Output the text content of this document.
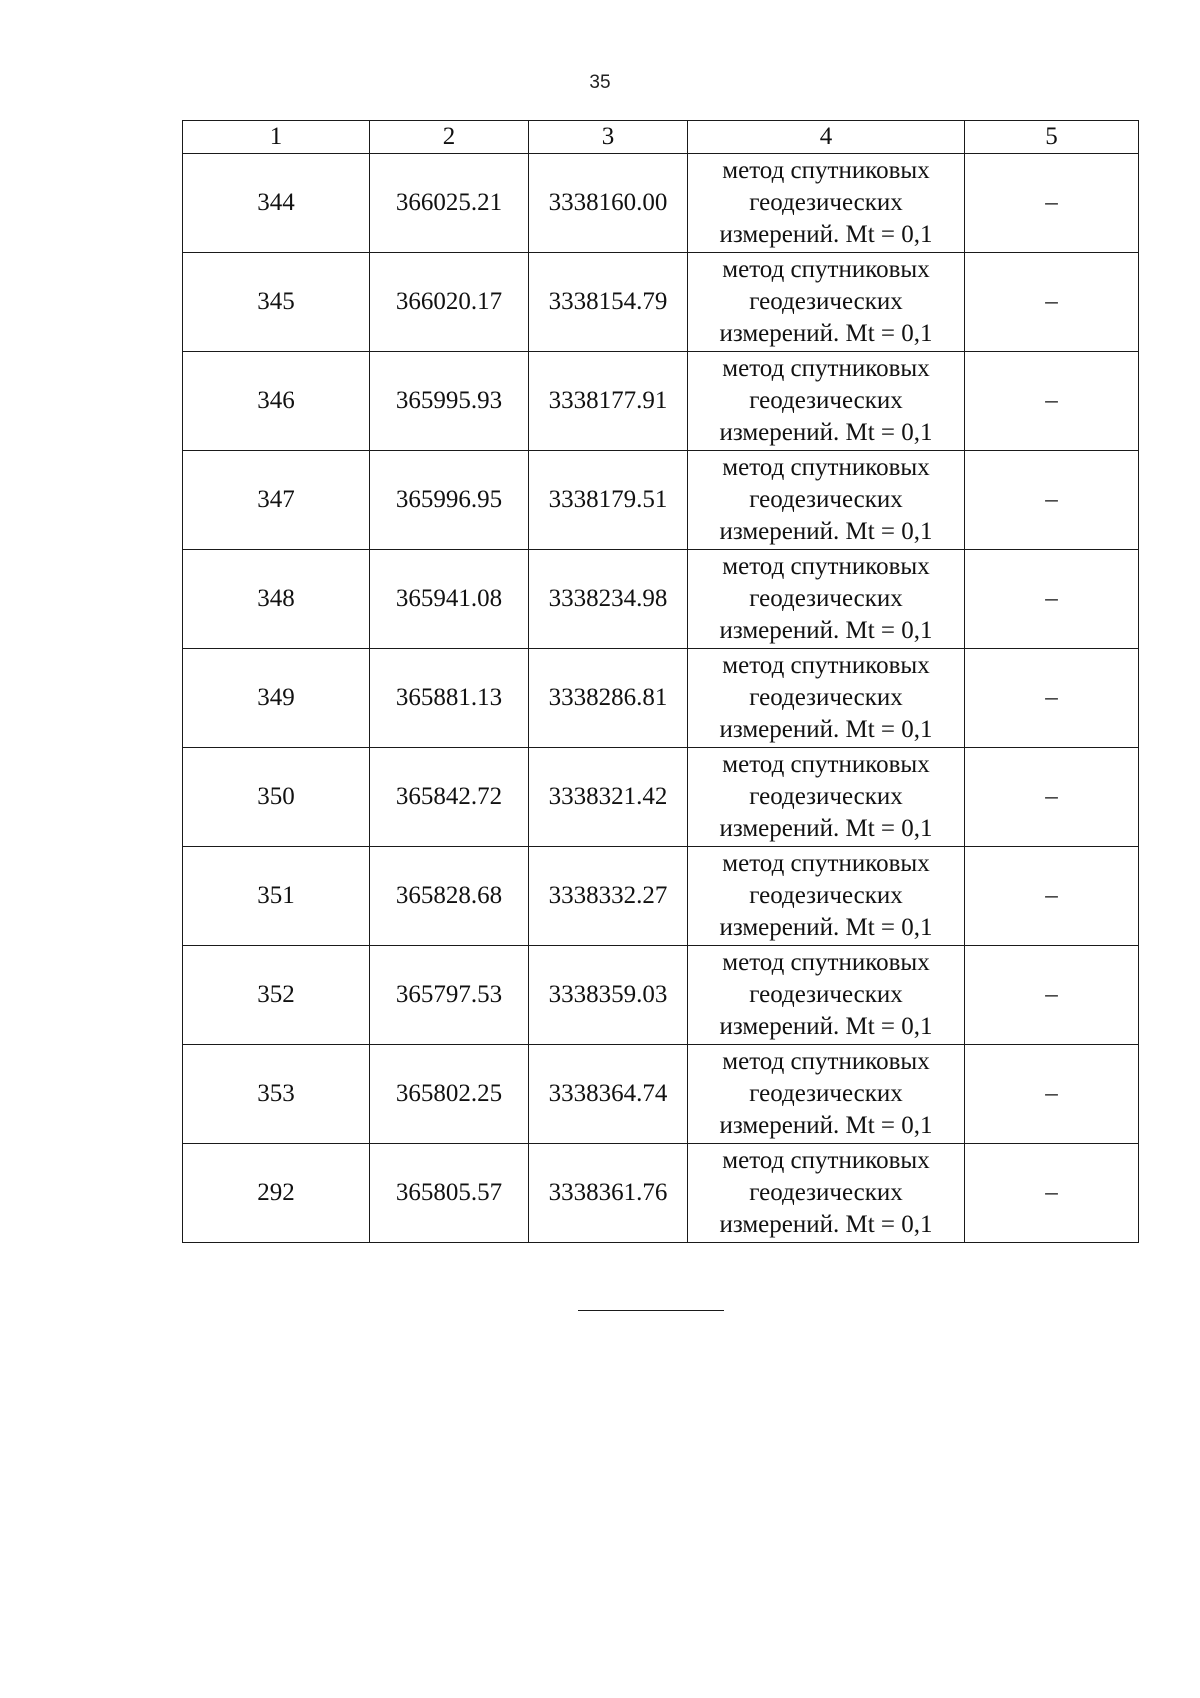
35
1	2	3	4	5
344	366025.21	3338160.00	метод спутниковых
геодезических
измерений. Mt = 0,1	–
345	366020.17	3338154.79	метод спутниковых
геодезических
измерений. Mt = 0,1	–
346	365995.93	3338177.91	метод спутниковых
геодезических
измерений. Mt = 0,1	–
347	365996.95	3338179.51	метод спутниковых
геодезических
измерений. Mt = 0,1	–
348	365941.08	3338234.98	метод спутниковых
геодезических
измерений. Mt = 0,1	–
349	365881.13	3338286.81	метод спутниковых
геодезических
измерений. Mt = 0,1	–
350	365842.72	3338321.42	метод спутниковых
геодезических
измерений. Mt = 0,1	–
351	365828.68	3338332.27	метод спутниковых
геодезических
измерений. Mt = 0,1	–
352	365797.53	3338359.03	метод спутниковых
геодезических
измерений. Mt = 0,1	–
353	365802.25	3338364.74	метод спутниковых
геодезических
измерений. Mt = 0,1	–
292	365805.57	3338361.76	метод спутниковых
геодезических
измерений. Mt = 0,1	–
